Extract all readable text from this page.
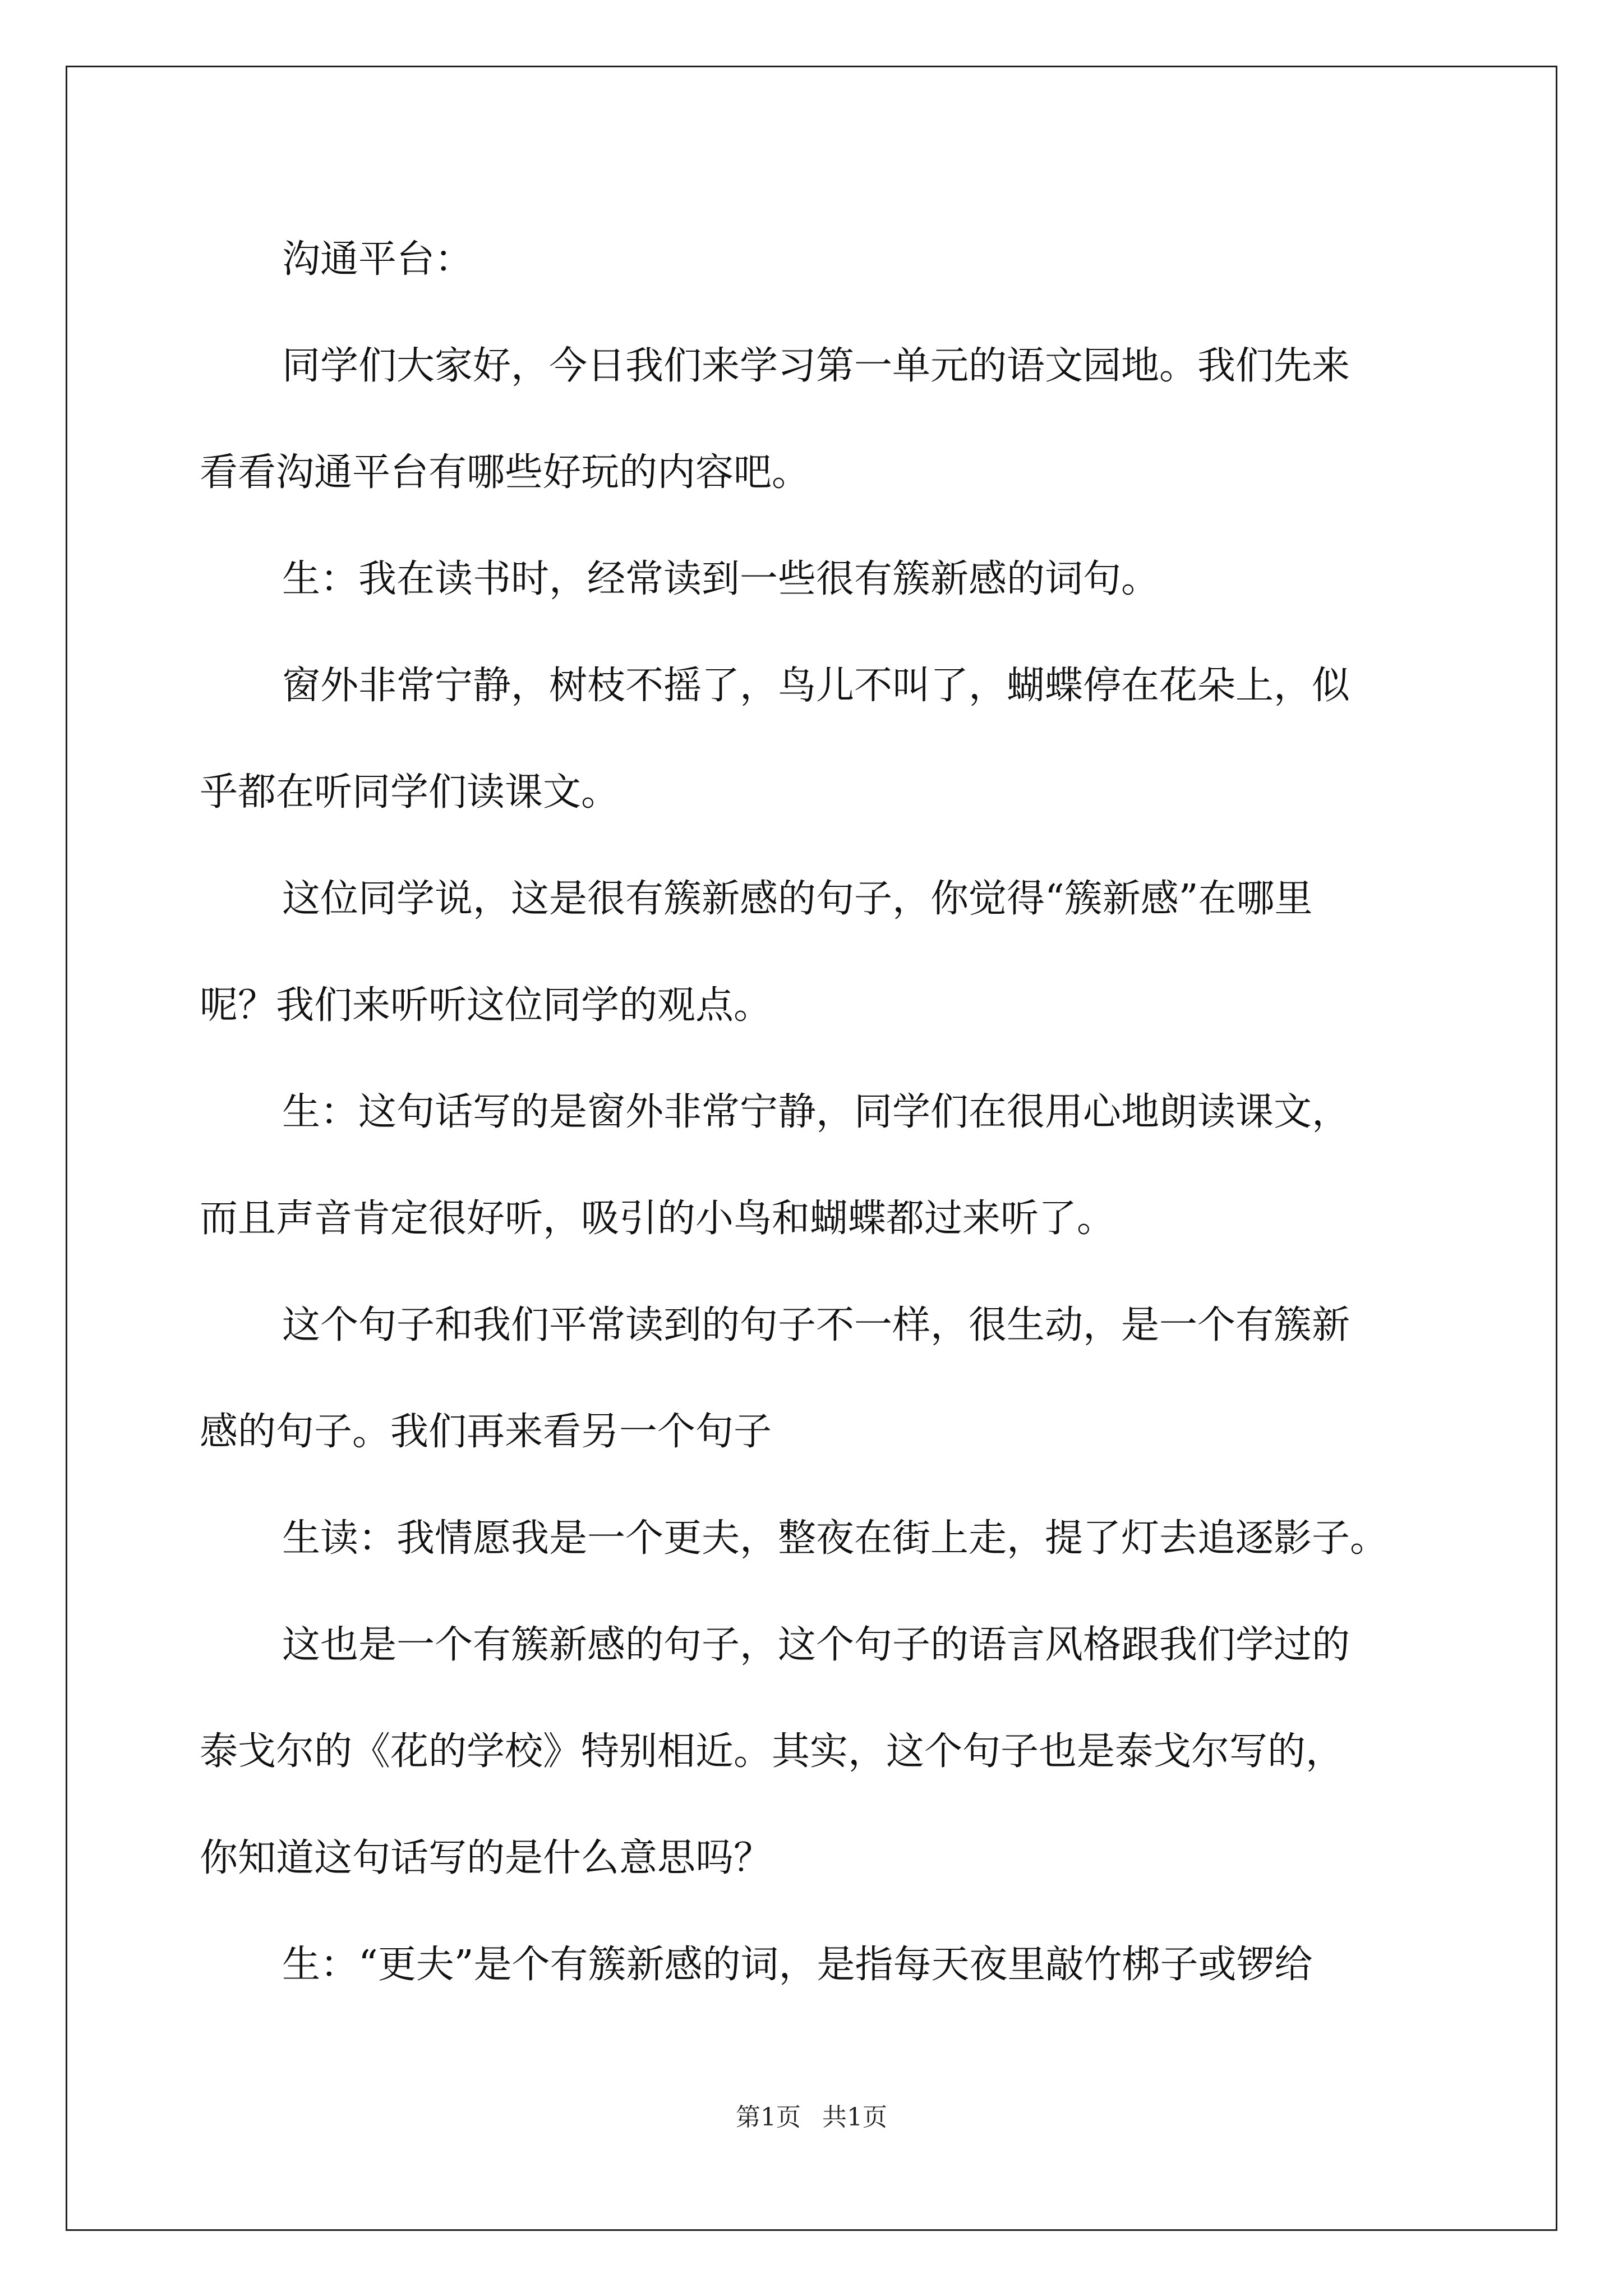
沟通平台：
同学们大家好，今日我们来学习第一单元的语文园地。我们先来
看看沟通平台有哪些好玩的内容吧。
生：我在读书时，经常读到一些很有簇新感的词句。
窗外非常宁静，树枝不摇了，鸟儿不叫了，蝴蝶停在花朵上，似
乎都在听同学们读课文。
这位同学说，这是很有簇新感的句子，你觉得“簇新感”在哪里
呢？我们来听听这位同学的观点。
生：这句话写的是窗外非常宁静，同学们在很用心地朗读课文，
而且声音肯定很好听，吸引的小鸟和蝴蝶都过来听了。
这个句子和我们平常读到的句子不一样，很生动，是一个有簇新
感的句子。我们再来看另一个句子
生读：我情愿我是一个更夫，整夜在街上走，提了灯去追逐影子。
这也是一个有簇新感的句子，这个句子的语言风格跟我们学过的
泰戈尔的《花的学校》特别相近。其实，这个句子也是泰戈尔写的，
你知道这句话写的是什么意思吗？
生：“更夫”是个有簇新感的词，是指每天夜里敲竹梆子或锣给
第1页 共1页
